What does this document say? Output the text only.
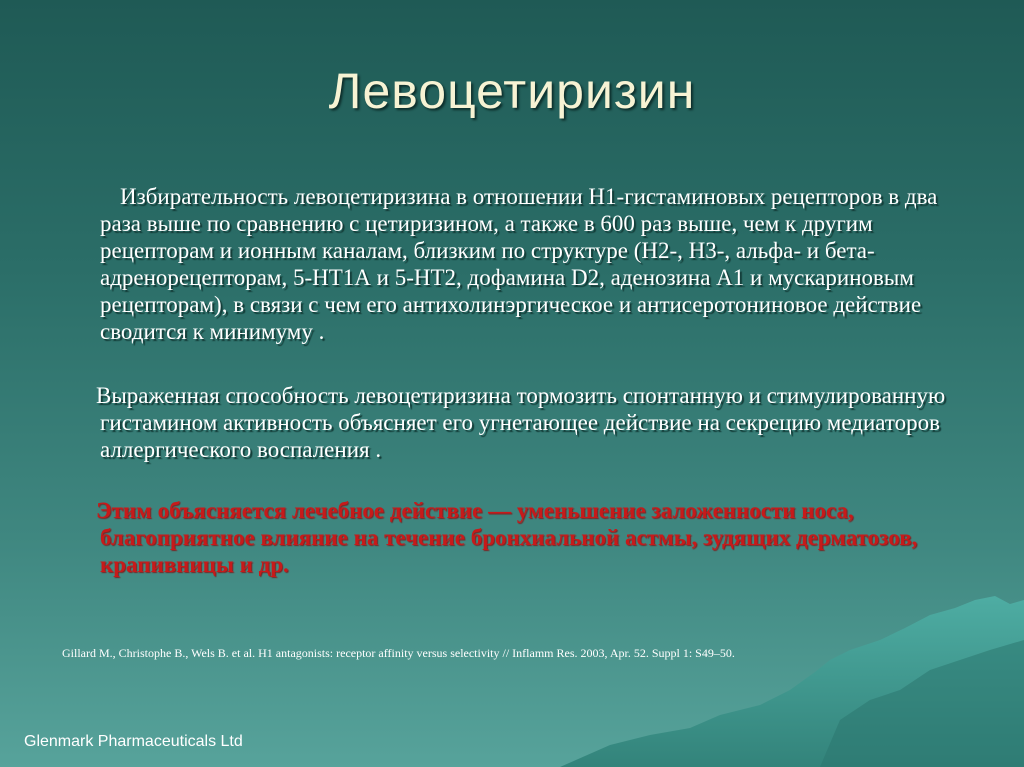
Левоцетиризин
Избирательность левоцетиризина в отношении Н1-гистаминовых рецепторов в два раза выше по сравнению с цетиризином, а также в 600 раз выше, чем к другим рецепторам и ионным каналам, близким по структуре (Н2-, Н3-, альфа- и бета-адренорецепторам, 5-НТ1А и 5-НТ2, дофамина D2, аденозина А1 и мускариновым рецепторам), в связи с чем его антихолинэргическое и антисеротониновое действие сводится к минимуму .
Выраженная способность левоцетиризина тормозить спонтанную и стимулированную гистамином активность объясняет его угнетающее действие на секрецию медиаторов аллергического воспаления .
Этим объясняется лечебное действие — уменьшение заложенности носа, благоприятное влияние на течение бронхиальной астмы, зудящих дерматозов, крапивницы и др.
Gillard M., Christophe B., Wels B. et al. H1 antagonists: receptor affinity versus selectivity // Inflamm Res. 2003, Apr. 52. Suppl 1: S49–50.
Glenmark Pharmaceuticals Ltd
